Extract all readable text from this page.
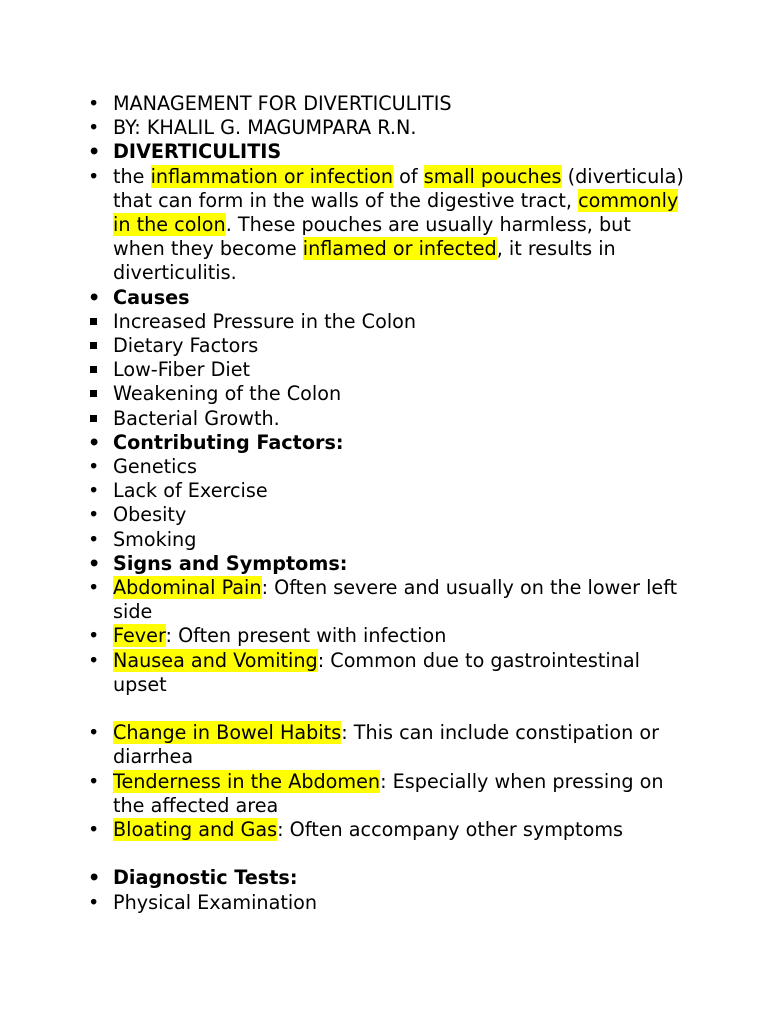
•
MANAGEMENT FOR DIVERTICULITIS

•
BY: KHALIL G. MAGUMPARA R.N.

•
DIVERTICULITIS

•
the inflammation or infection of small pouches (diverticula) that can form in the walls of the digestive tract, commonly in the colon. These pouches are usually harmless, but when they become inflamed or infected, it results in diverticulitis.

•
Causes

Increased Pressure in the Colon

Dietary Factors

Low-Fiber Diet

Weakening of the Colon

Bacterial Growth.

•
Contributing Factors:

•
Genetics

•
Lack of Exercise

•
Obesity

•
Smoking

•
Signs and Symptoms:

•
Abdominal Pain: Often severe and usually on the lower left side

•
Fever: Often present with infection

•
Nausea and Vomiting: Common due to gastrointestinal upset

•
Change in Bowel Habits: This can include constipation or diarrhea

•
Tenderness in the Abdomen: Especially when pressing on the affected area

•
Bloating and Gas: Often accompany other symptoms

•
Diagnostic Tests:

•
Physical Examination
